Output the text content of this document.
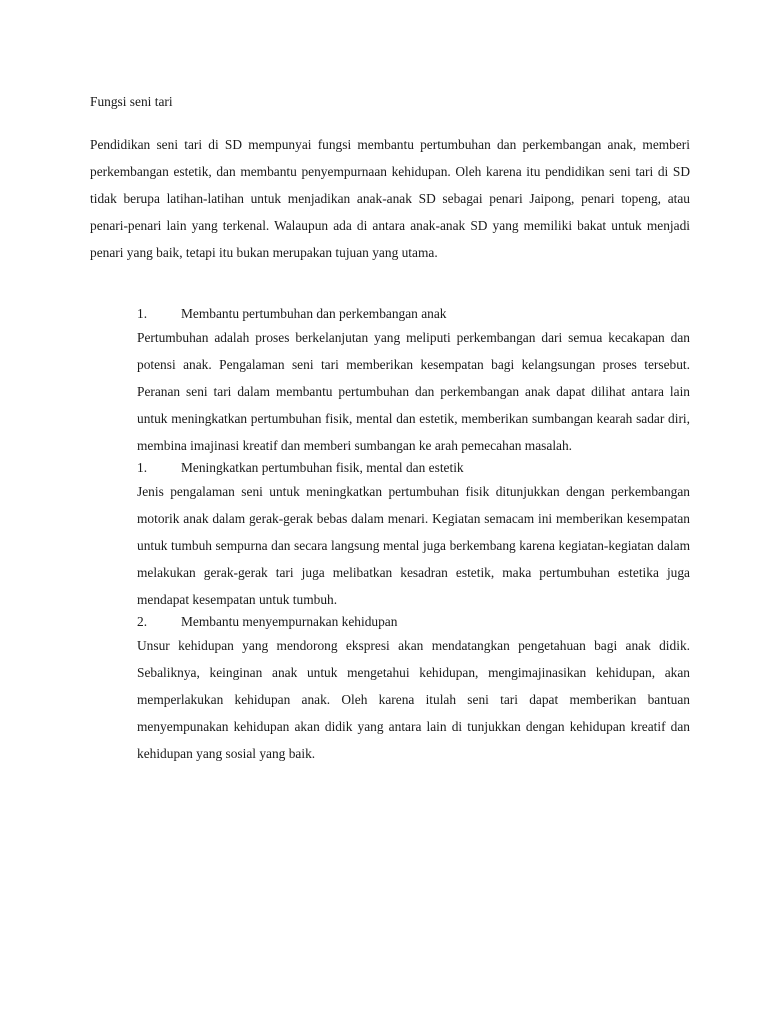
Fungsi seni tari

Pendidikan seni tari di SD mempunyai fungsi membantu pertumbuhan dan perkembangan anak, memberi perkembangan estetik, dan membantu penyempurnaan kehidupan. Oleh karena itu pendidikan seni tari di SD tidak berupa latihan-latihan untuk menjadikan anak-anak SD sebagai penari Jaipong, penari topeng, atau penari-penari lain yang terkenal. Walaupun ada di antara anak-anak SD yang memiliki bakat untuk menjadi penari yang baik, tetapi itu bukan merupakan tujuan yang utama.

1.	Membantu pertumbuhan dan perkembangan anak

Pertumbuhan adalah proses berkelanjutan yang meliputi perkembangan dari semua kecakapan dan potensi anak. Pengalaman seni tari memberikan kesempatan bagi kelangsungan proses tersebut. Peranan seni tari dalam membantu pertumbuhan dan perkembangan anak dapat dilihat antara lain untuk meningkatkan pertumbuhan fisik, mental dan estetik, memberikan sumbangan kearah sadar diri, membina imajinasi kreatif dan memberi sumbangan ke arah pemecahan masalah.

1.	Meningkatkan pertumbuhan fisik, mental dan estetik

Jenis pengalaman seni untuk meningkatkan pertumbuhan fisik ditunjukkan dengan perkembangan motorik anak dalam gerak-gerak bebas dalam menari. Kegiatan semacam ini memberikan kesempatan untuk tumbuh sempurna dan secara langsung mental juga berkembang karena kegiatan-kegiatan dalam melakukan gerak-gerak tari juga melibatkan kesadran estetik, maka pertumbuhan estetika juga mendapat kesempatan untuk tumbuh.

2.	Membantu menyempurnakan kehidupan

Unsur kehidupan yang mendorong ekspresi akan mendatangkan pengetahuan bagi anak didik. Sebaliknya, keinginan anak untuk mengetahui kehidupan, mengimajinasikan kehidupan, akan memperlakukan kehidupan anak. Oleh karena itulah seni tari dapat memberikan bantuan menyempunakan kehidupan akan didik yang antara lain di tunjukkan dengan kehidupan kreatif dan kehidupan yang sosial yang baik.
